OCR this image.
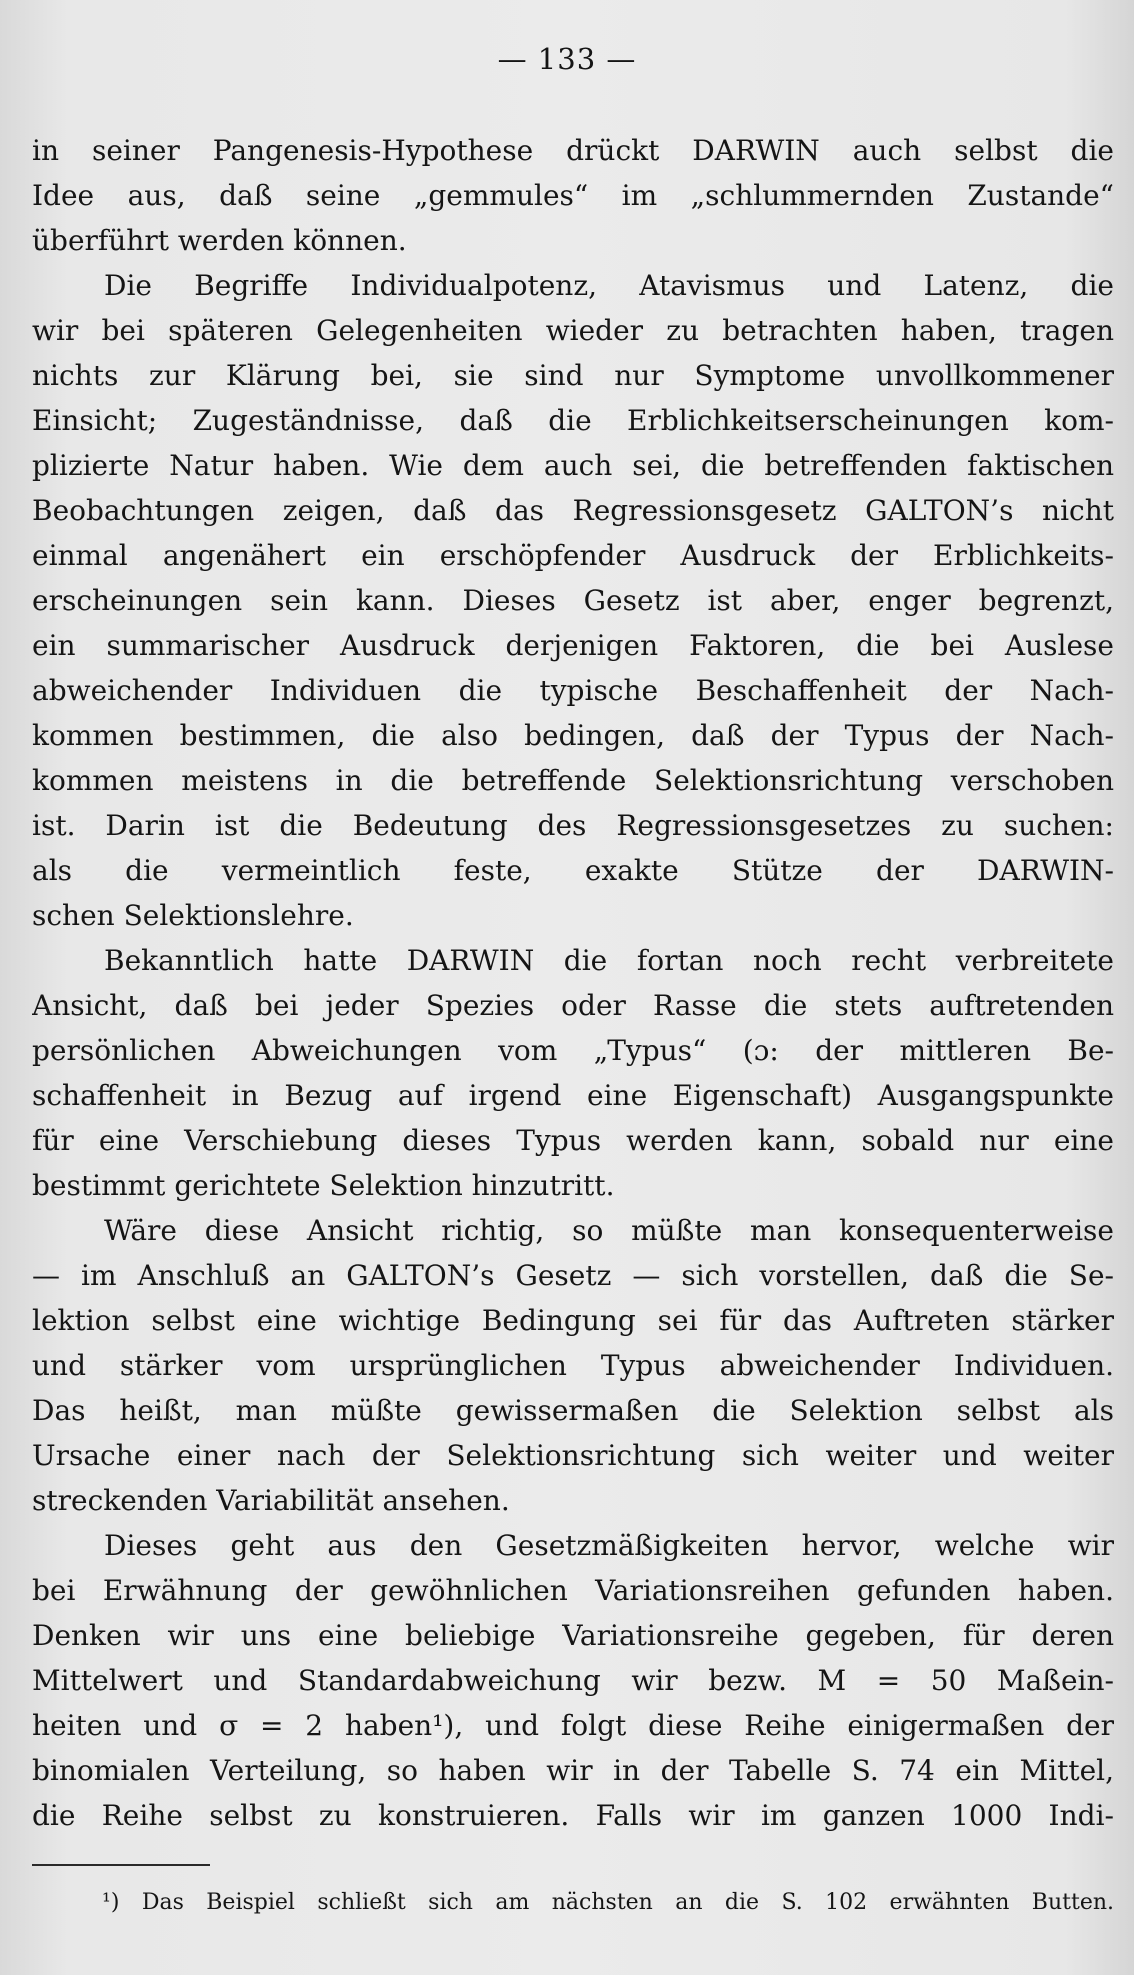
— 133 —
in seiner Pangenesis-Hypothese drückt DARWIN auch selbst die
Idee aus, daß seine „gemmules“ im „schlummernden Zustande“
überführt werden können.
Die Begriffe Individualpotenz, Atavismus und Latenz, die
wir bei späteren Gelegenheiten wieder zu betrachten haben, tragen
nichts zur Klärung bei, sie sind nur Symptome unvollkommener
Einsicht; Zugeständnisse, daß die Erblichkeitserscheinungen kom-
plizierte Natur haben. Wie dem auch sei, die betreffenden faktischen
Beobachtungen zeigen, daß das Regressionsgesetz GALTON’s nicht
einmal angenähert ein erschöpfender Ausdruck der Erblichkeits-
erscheinungen sein kann. Dieses Gesetz ist aber, enger begrenzt,
ein summarischer Ausdruck derjenigen Faktoren, die bei Auslese
abweichender Individuen die typische Beschaffenheit der Nach-
kommen bestimmen, die also bedingen, daß der Typus der Nach-
kommen meistens in die betreffende Selektionsrichtung verschoben
ist. Darin ist die Bedeutung des Regressionsgesetzes zu suchen:
als die vermeintlich feste, exakte Stütze der DARWIN-
schen Selektionslehre.
Bekanntlich hatte DARWIN die fortan noch recht verbreitete
Ansicht, daß bei jeder Spezies oder Rasse die stets auftretenden
persönlichen Abweichungen vom „Typus“ (ɔ: der mittleren Be-
schaffenheit in Bezug auf irgend eine Eigenschaft) Ausgangspunkte
für eine Verschiebung dieses Typus werden kann, sobald nur eine
bestimmt gerichtete Selektion hinzutritt.
Wäre diese Ansicht richtig, so müßte man konsequenterweise
— im Anschluß an GALTON’s Gesetz — sich vorstellen, daß die Se-
lektion selbst eine wichtige Bedingung sei für das Auftreten stärker
und stärker vom ursprünglichen Typus abweichender Individuen.
Das heißt, man müßte gewissermaßen die Selektion selbst als
Ursache einer nach der Selektionsrichtung sich weiter und weiter
streckenden Variabilität ansehen.
Dieses geht aus den Gesetzmäßigkeiten hervor, welche wir
bei Erwähnung der gewöhnlichen Variationsreihen gefunden haben.
Denken wir uns eine beliebige Variationsreihe gegeben, für deren
Mittelwert und Standardabweichung wir bezw. M = 50 Maßein-
heiten und σ = 2 haben¹), und folgt diese Reihe einigermaßen der
binomialen Verteilung, so haben wir in der Tabelle S. 74 ein Mittel,
die Reihe selbst zu konstruieren. Falls wir im ganzen 1000 Indi-
¹) Das Beispiel schließt sich am nächsten an die S. 102 erwähnten Butten.
